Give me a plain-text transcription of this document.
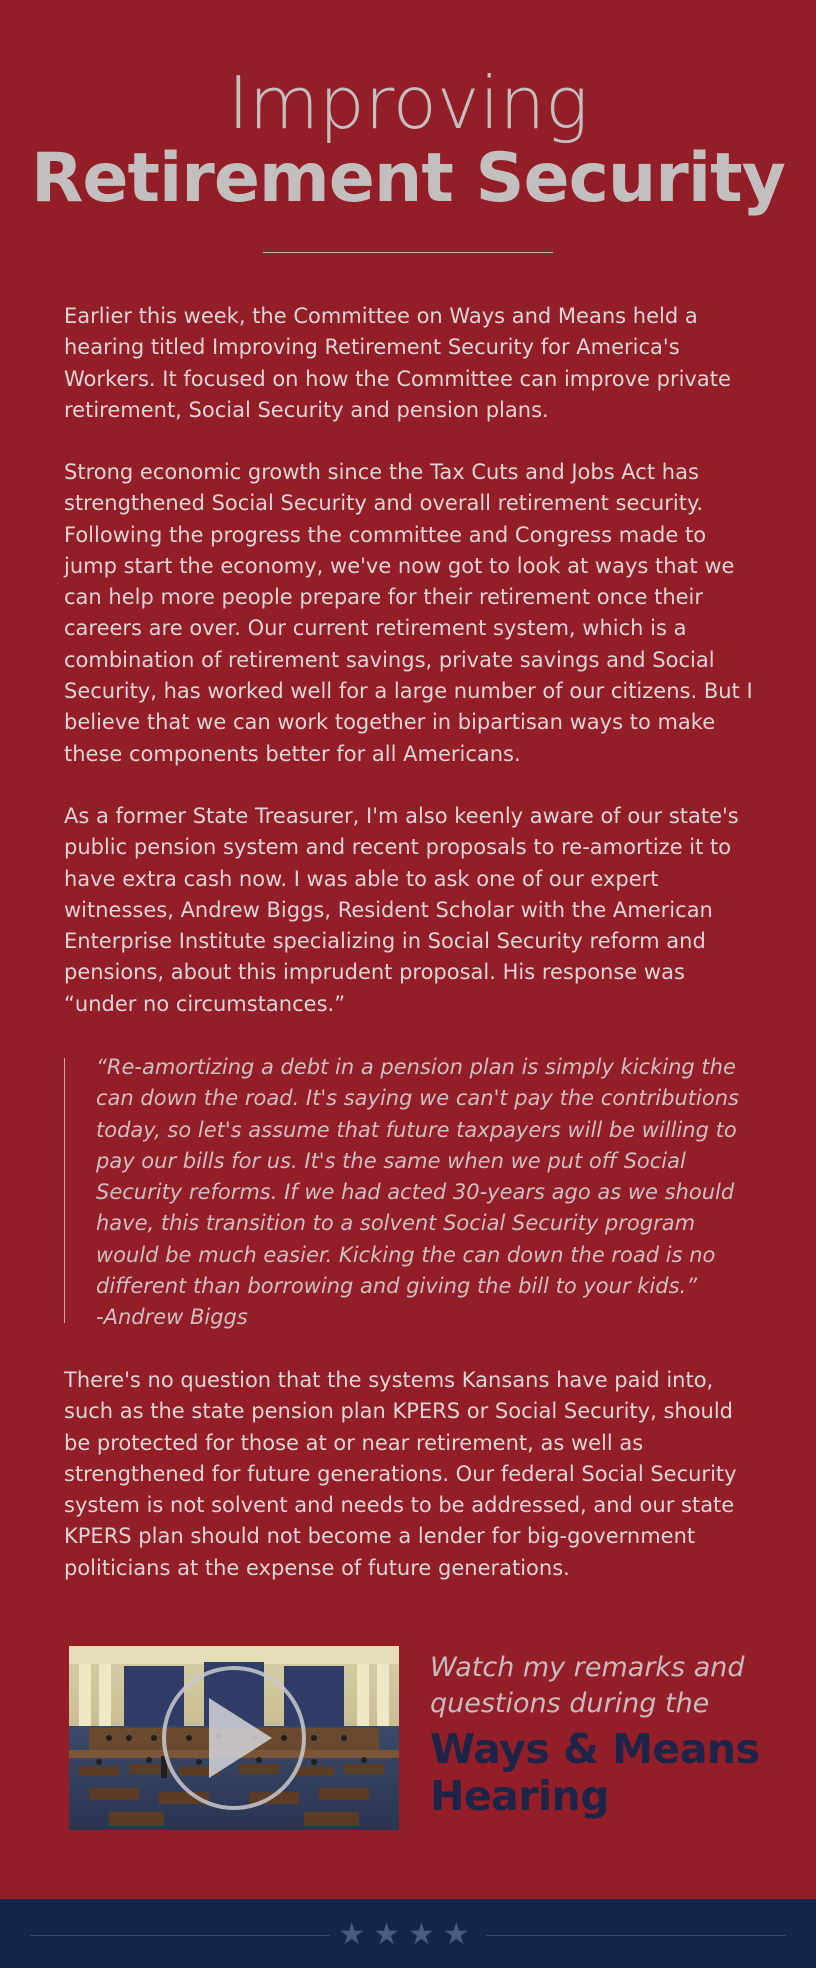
Improving
Retirement Security

Earlier this week, the Committee on Ways and Means held a hearing titled Improving Retirement Security for America's Workers. It focused on how the Committee can improve private retirement, Social Security and pension plans.

Strong economic growth since the Tax Cuts and Jobs Act has strengthened Social Security and overall retirement security. Following the progress the committee and Congress made to jump start the economy, we've now got to look at ways that we can help more people prepare for their retirement once their careers are over. Our current retirement system, which is a combination of retirement savings, private savings and Social Security, has worked well for a large number of our citizens. But I believe that we can work together in bipartisan ways to make these components better for all Americans.

As a former State Treasurer, I'm also keenly aware of our state's public pension system and recent proposals to re-amortize it to have extra cash now. I was able to ask one of our expert witnesses, Andrew Biggs, Resident Scholar with the American Enterprise Institute specializing in Social Security reform and pensions, about this imprudent proposal. His response was “under no circumstances.”

“Re-amortizing a debt in a pension plan is simply kicking the can down the road. It's saying we can't pay the contributions today, so let's assume that future taxpayers will be willing to pay our bills for us. It's the same when we put off Social Security reforms. If we had acted 30-years ago as we should have, this transition to a solvent Social Security program would be much easier. Kicking the can down the road is no different than borrowing and giving the bill to your kids.”

-Andrew Biggs

There's no question that the systems Kansans have paid into, such as the state pension plan KPERS or Social Security, should be protected for those at or near retirement, as well as strengthened for future generations. Our federal Social Security system is not solvent and needs to be addressed, and our state KPERS plan should not become a lender for big-government politicians at the expense of future generations.

Watch my remarks and

questions during the

Ways & Means

Hearing

★★★★
